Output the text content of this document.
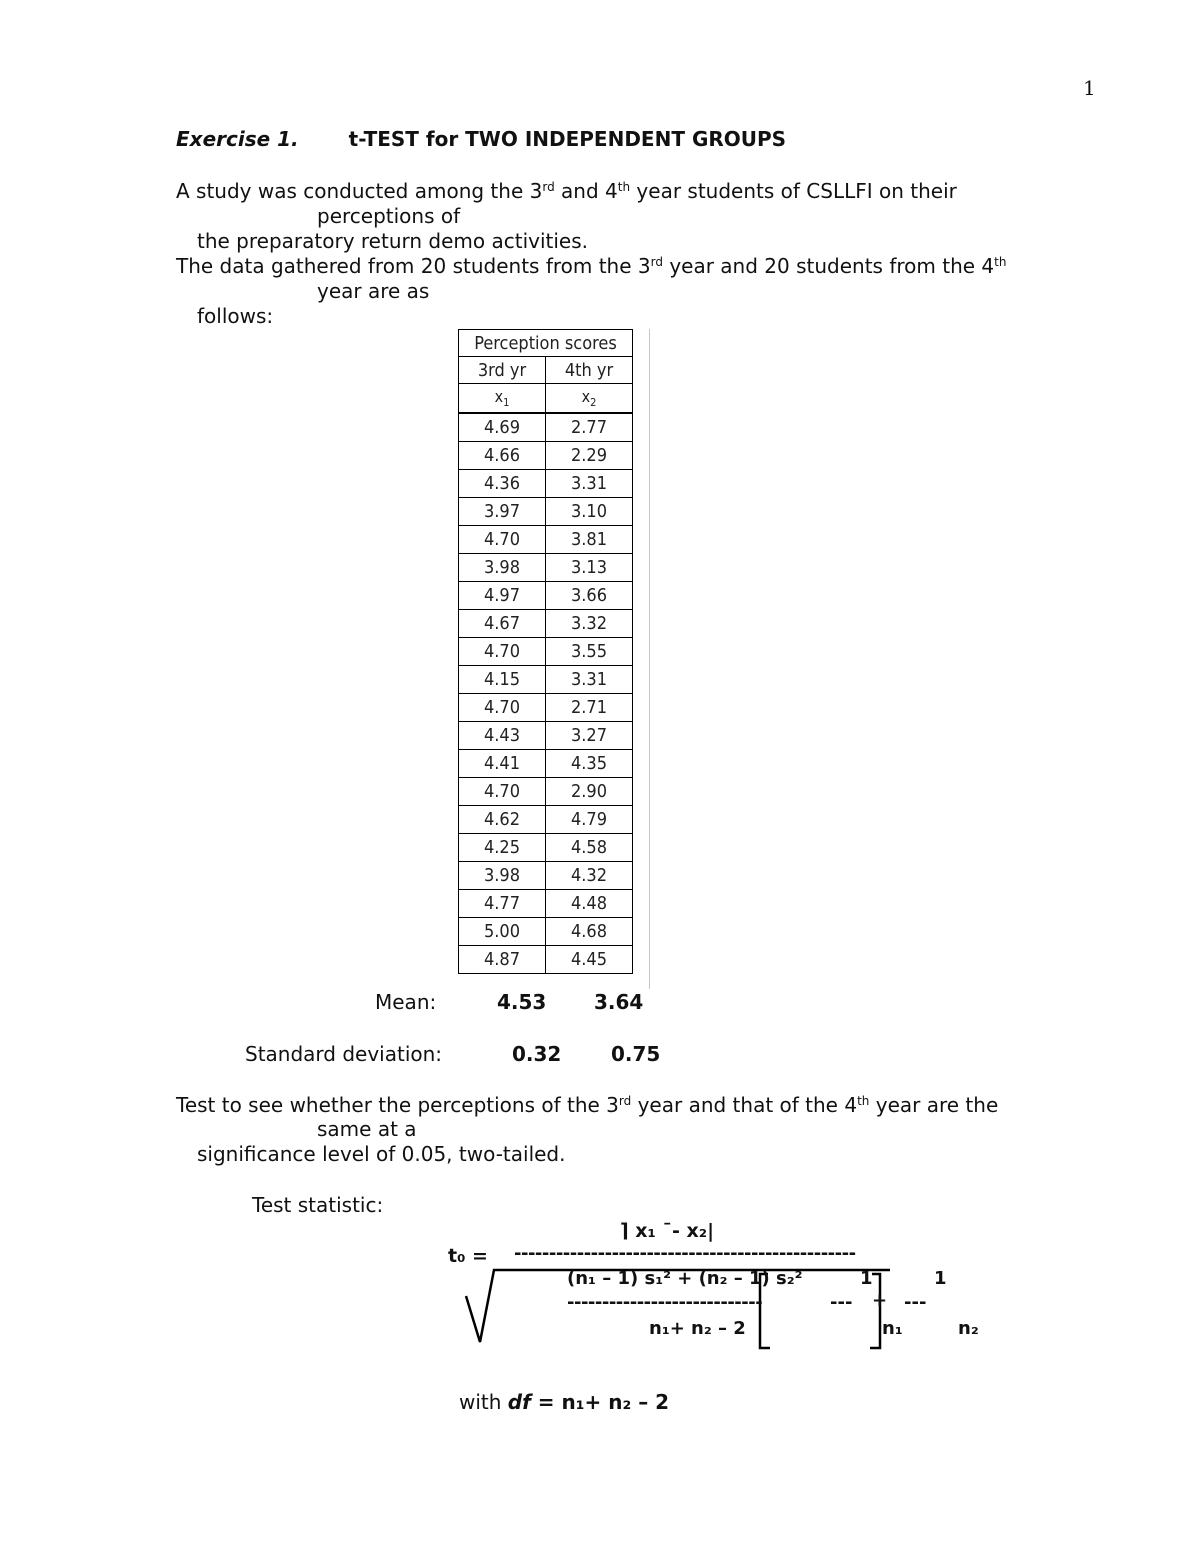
1
Exercise 1.	t-TEST for TWO INDEPENDENT GROUPS
A study was conducted among the 3rd and 4th year students of CSLLFI on their
perceptions of
the preparatory return demo activities.
The data gathered from 20 students from the 3rd year and 20 students from the 4th
year are as
follows:
Perception scores	
3rd yr	4th yr
$x_1$	$x_2$
4.69	2.77
4.66	2.29
4.36	3.31
3.97	3.10
4.70	3.81
3.98	3.13
4.97	3.66
4.67	3.32
4.70	3.55
4.15	3.31
4.70	2.71
4.43	3.27
4.41	4.35
4.70	2.90
4.62	4.79
4.25	4.58
3.98	4.32
4.77	4.48
5.00	4.68
4.87	4.45
Mean:	4.53 3.64
Standard deviation:	0.32 0.75
Test to see whether the perceptions of the 3rd year and that of the 4th year are the
same at a
significance level of 0.05, two-tailed.
Test statistic:
⌉ x₁ ¯- x₂|
t₀ = -------------------------------------------------
(n₁ – 1) s₁² + (n₂ – 1) s₂²
----------------------------
n₁+ n₂ – 2
1
--- +
n₁
1
---
n₂
with df = n₁+ n₂ – 2
